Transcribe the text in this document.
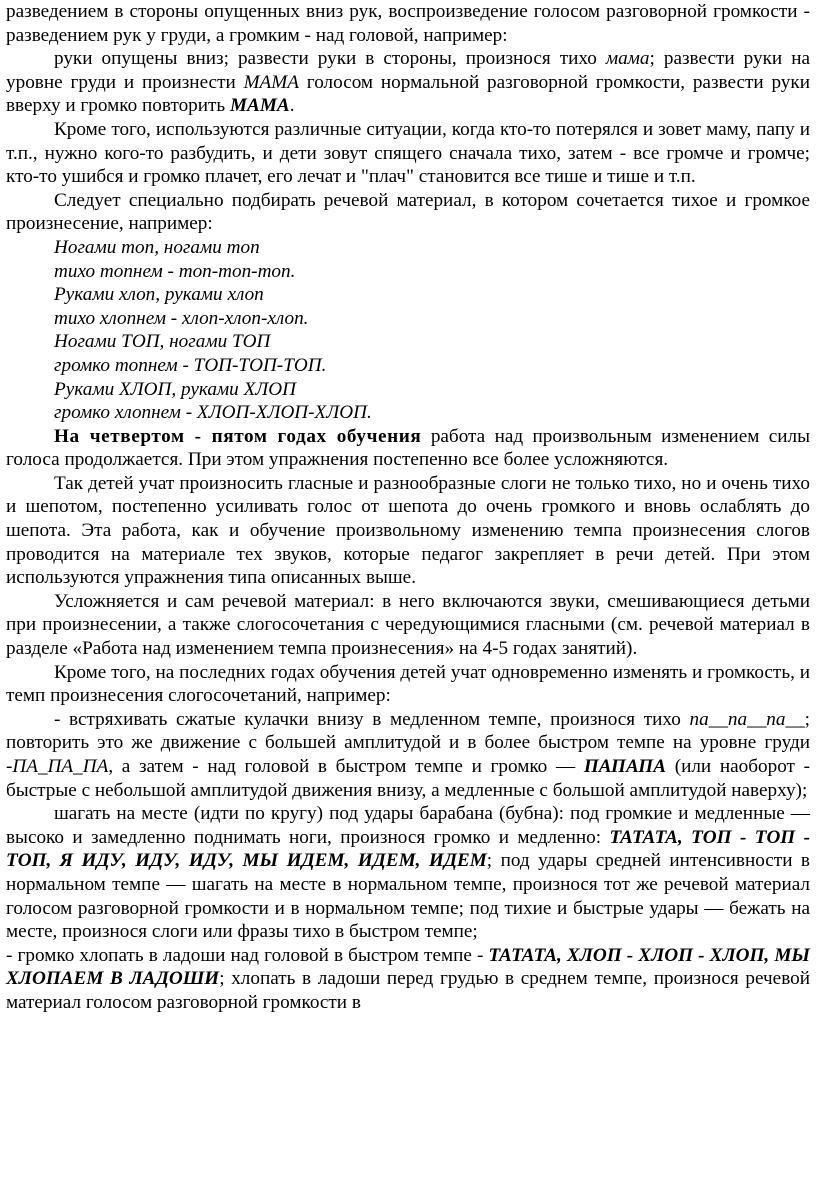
разведением в стороны опущенных вниз рук, воспроизведение голосом разговорной громкости - разведением рук у груди, а громким - над головой, например:

руки опущены вниз; развести руки в стороны, произнося тихо мама; развести руки на уровне груди и произнести МАМА голосом нормальной разговорной громкости, развести руки вверху и громко повторить МАМА.

Кроме того, используются различные ситуации, когда кто-то потерялся и зовет маму, папу и т.п., нужно кого-то разбудить, и дети зовут спящего сначала тихо, затем - все громче и громче; кто-то ушибся и громко плачет, его лечат и "плач" становится все тише и тише и т.п.

Следует специально подбирать речевой материал, в котором сочетается тихое и громкое произнесение, например:

Ногами топ, ногами топ

тихо топнем - топ-топ-топ.

Руками хлоп, руками хлоп

тихо хлопнем - хлоп-хлоп-хлоп.

Ногами ТОП, ногами ТОП

громко топнем - ТОП-ТОП-ТОП.

Руками ХЛОП, руками ХЛОП

громко хлопнем - ХЛОП-ХЛОП-ХЛОП.

На четвертом - пятом годах обучения работа над произвольным изменением силы голоса продолжается. При этом упражнения постепенно все более усложняются.

Так детей учат произносить гласные и разнообразные слоги не только тихо, но и очень тихо и шепотом, постепенно усиливать голос от шепота до очень громкого и вновь ослаблять до шепота. Эта работа, как и обучение произвольному изменению темпа произнесения слогов проводится на материале тех звуков, которые педагог закрепляет в речи детей. При этом используются упражнения типа описанных выше.

Усложняется и сам речевой материал: в него включаются звуки, смешивающиеся детьми при произнесении, а также слогосочетания с чередующимися гласными (см. речевой материал в разделе «Работа над изменением темпа произнесения» на 4-5 годах занятий).

Кроме того, на последних годах обучения детей учат одновременно изменять и громкость, и темп произнесения слогосочетаний, например:

- встряхивать сжатые кулачки внизу в медленном темпе, произнося тихо па__па__па__; повторить это же движение с большей амплитудой и в более быстром темпе на уровне груди -ПА_ПА_ПА, а затем - над головой в быстром темпе и громко — ПАПАПА (или наоборот - быстрые с небольшой амплитудой движения внизу, а медленные с большой амплитудой наверху);

шагать на месте (идти по кругу) под удары барабана (бубна): под громкие и медленные — высоко и замедленно поднимать ноги, произнося громко и медленно: ТАТАТА, ТОП - ТОП - ТОП, Я ИДУ, ИДУ, ИДУ, МЫ ИДЕМ, ИДЕМ, ИДЕМ; под удары средней интенсивности в нормальном темпе — шагать на месте в нормальном темпе, произнося тот же речевой материал голосом разговорной громкости и в нормальном темпе; под тихие и быстрые удары — бежать на месте, произнося слоги или фразы тихо в быстром темпе;

- громко хлопать в ладоши над головой в быстром темпе - ТАТАТА, ХЛОП - ХЛОП - ХЛОП, МЫ ХЛОПАЕМ В ЛАДОШИ; хлопать в ладоши перед грудью в среднем темпе, произнося речевой материал голосом разговорной громкости в
